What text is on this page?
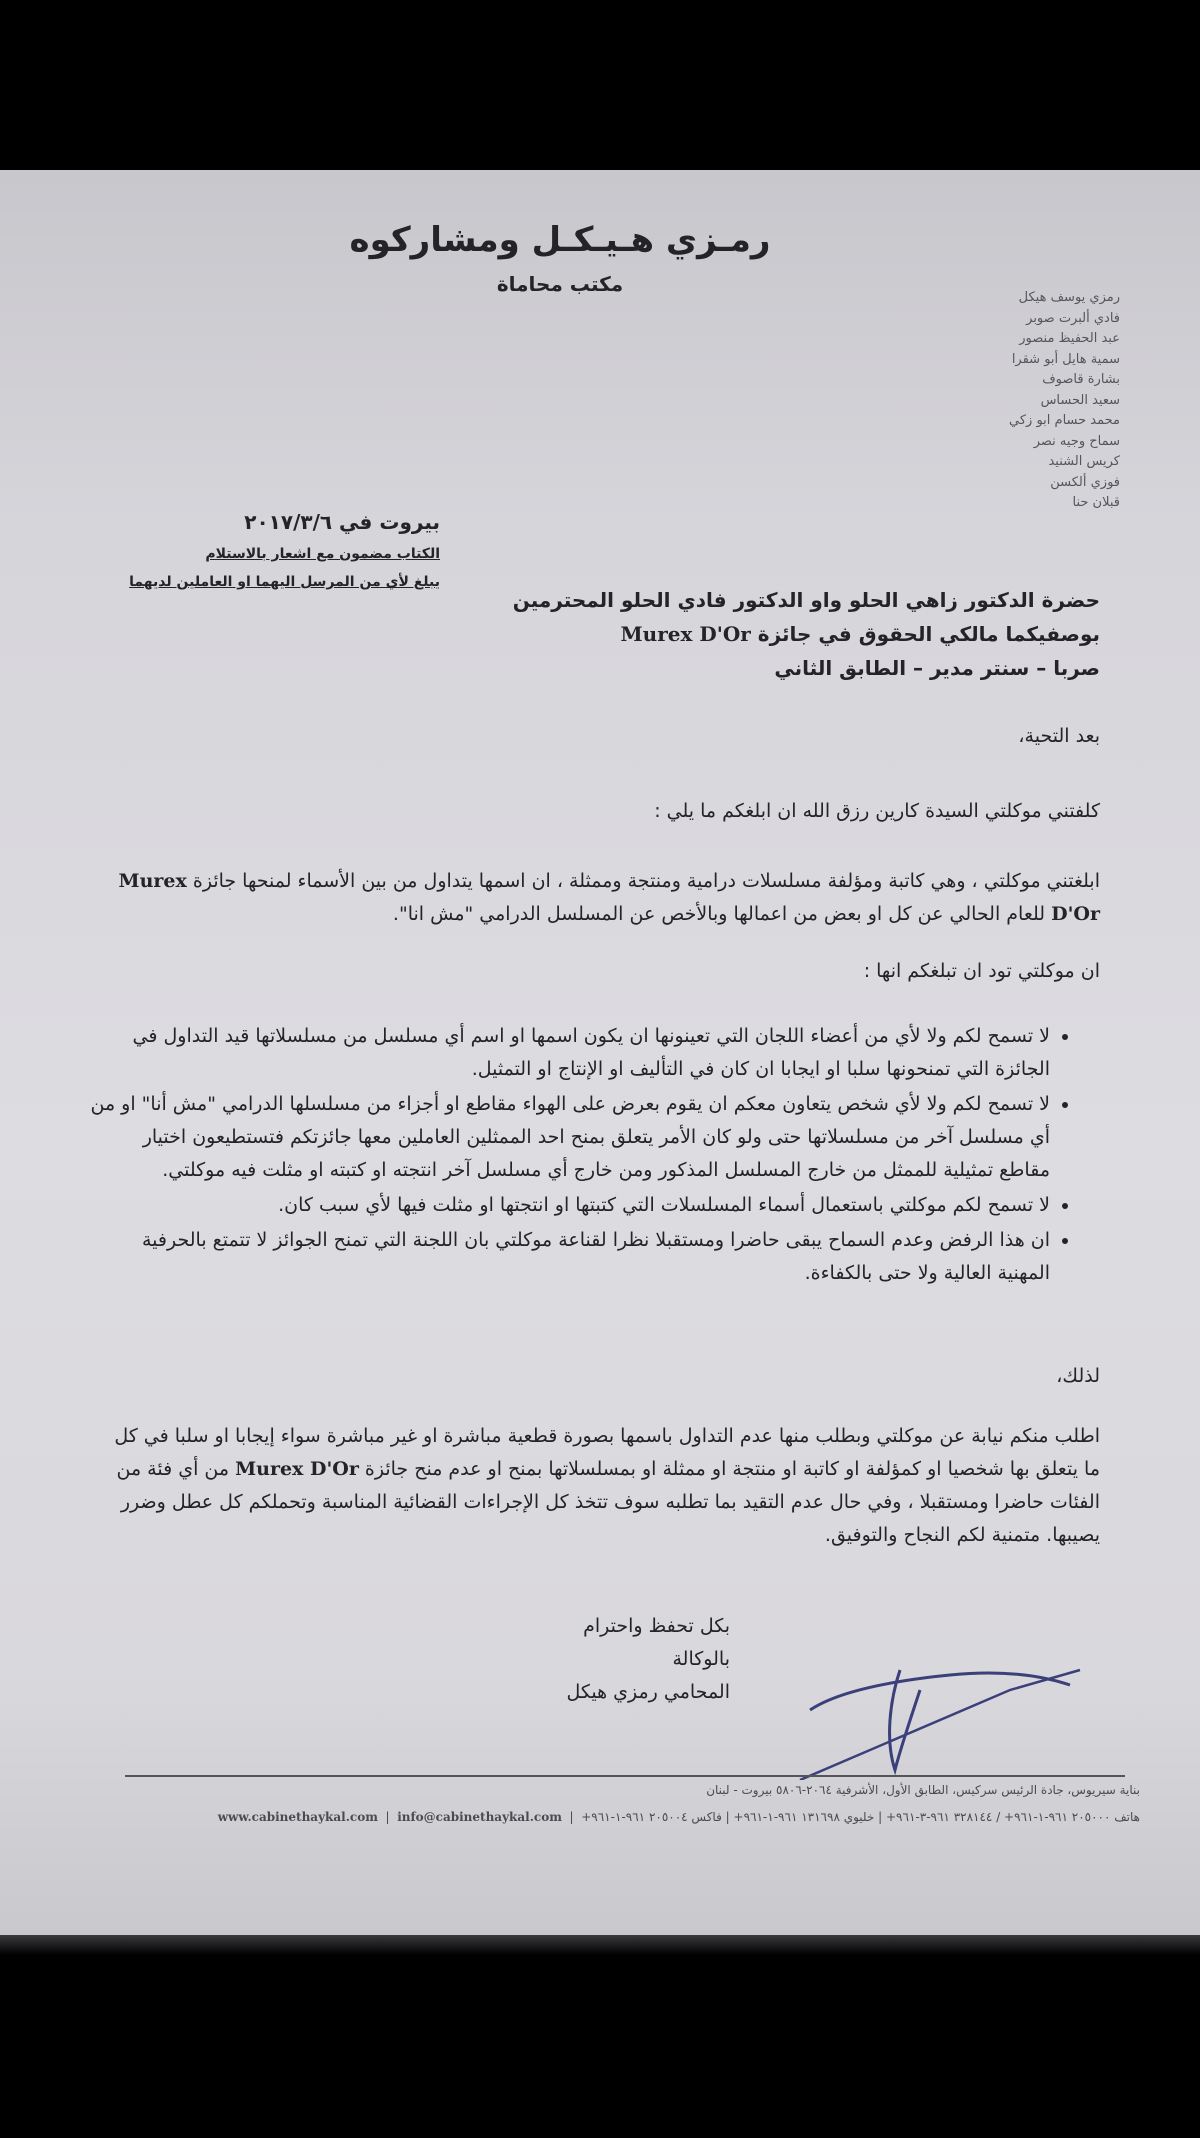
رمـزي هـيـكـل ومشاركوه
مكتب محاماة
رمزي يوسف هيكل
فادي ألبرت صوبر
عبد الحفيظ منصور
سمية هايل أبو شقرا
بشارة قاصوف
سعيد الحساس
محمد حسام ابو زكي
سماح وجيه نصر
كريس الشنيد
فوزي ألكسن
قبلان حنا
بيروت في ٢٠١٧/٣/٦
الكتاب مضمون مع اشعار بالاستلام
يبلغ لأي من المرسل اليهما او العاملين لديهما
حضرة الدكتور زاهي الحلو واو الدكتور فادي الحلو المحترمين
بوصفيكما مالكي الحقوق في جائزة Murex D'Or
صربا – سنتر مدير – الطابق الثاني
بعد التحية،
كلفتني موكلتي السيدة كارين رزق الله ان ابلغكم ما يلي :
ابلغتني موكلتي ، وهي كاتبة ومؤلفة مسلسلات درامية ومنتجة وممثلة ، ان اسمها يتداول من بين الأسماء لمنحها جائزة Murex D'Or للعام الحالي عن كل او بعض من اعمالها وبالأخص عن المسلسل الدرامي "مش انا".
ان موكلتي تود ان تبلغكم انها :
• لا تسمح لكم ولا لأي من أعضاء اللجان التي تعينونها ان يكون اسمها او اسم أي مسلسل من مسلسلاتها قيد التداول في الجائزة التي تمنحونها سلبا او ايجابا ان كان في التأليف او الإنتاج او التمثيل.
• لا تسمح لكم ولا لأي شخص يتعاون معكم ان يقوم بعرض على الهواء مقاطع او أجزاء من مسلسلها الدرامي "مش أنا" او من أي مسلسل آخر من مسلسلاتها حتى ولو كان الأمر يتعلق بمنح احد الممثلين العاملين معها جائزتكم فتستطيعون اختيار مقاطع تمثيلية للممثل من خارج المسلسل المذكور ومن خارج أي مسلسل آخر انتجته او كتبته او مثلت فيه موكلتي.
• لا تسمح لكم موكلتي باستعمال أسماء المسلسلات التي كتبتها او انتجتها او مثلت فيها لأي سبب كان.
• ان هذا الرفض وعدم السماح يبقى حاضرا ومستقبلا نظرا لقناعة موكلتي بان اللجنة التي تمنح الجوائز لا تتمتع بالحرفية المهنية العالية ولا حتى بالكفاءة.
لذلك،
اطلب منكم نيابة عن موكلتي وبطلب منها عدم التداول باسمها بصورة قطعية مباشرة او غير مباشرة سواء إيجابا او سلبا في كل ما يتعلق بها شخصيا او كمؤلفة او كاتبة او منتجة او ممثلة او بمسلسلاتها بمنح او عدم منح جائزة Murex D'Or من أي فئة من الفئات حاضرا ومستقبلا ، وفي حال عدم التقيد بما تطلبه سوف تتخذ كل الإجراءات القضائية المناسبة وتحملكم كل عطل وضرر يصيبها. متمنية لكم النجاح والتوفيق.
بكل تحفظ واحترام
بالوكالة
المحامي رمزي هيكل
بناية سيريوس، جادة الرئيس سركيس، الطابق الأول، الأشرفية ٢٠٦٤-٥٨٠٦ بيروت - لبنان
هاتف ٢٠٥٠٠٠ ٩٦١-١-٩٦١+ / ٣٢٨١٤٤ ٩٦١-٣-٩٦١+ | خليوي ١٣١٦٩٨ ٩٦١-١-٩٦١+ | فاكس ٢٠٥٠٠٤ ٩٦١-١-٩٦١+  |  info@cabinethaykal.com  |  www.cabinethaykal.com
